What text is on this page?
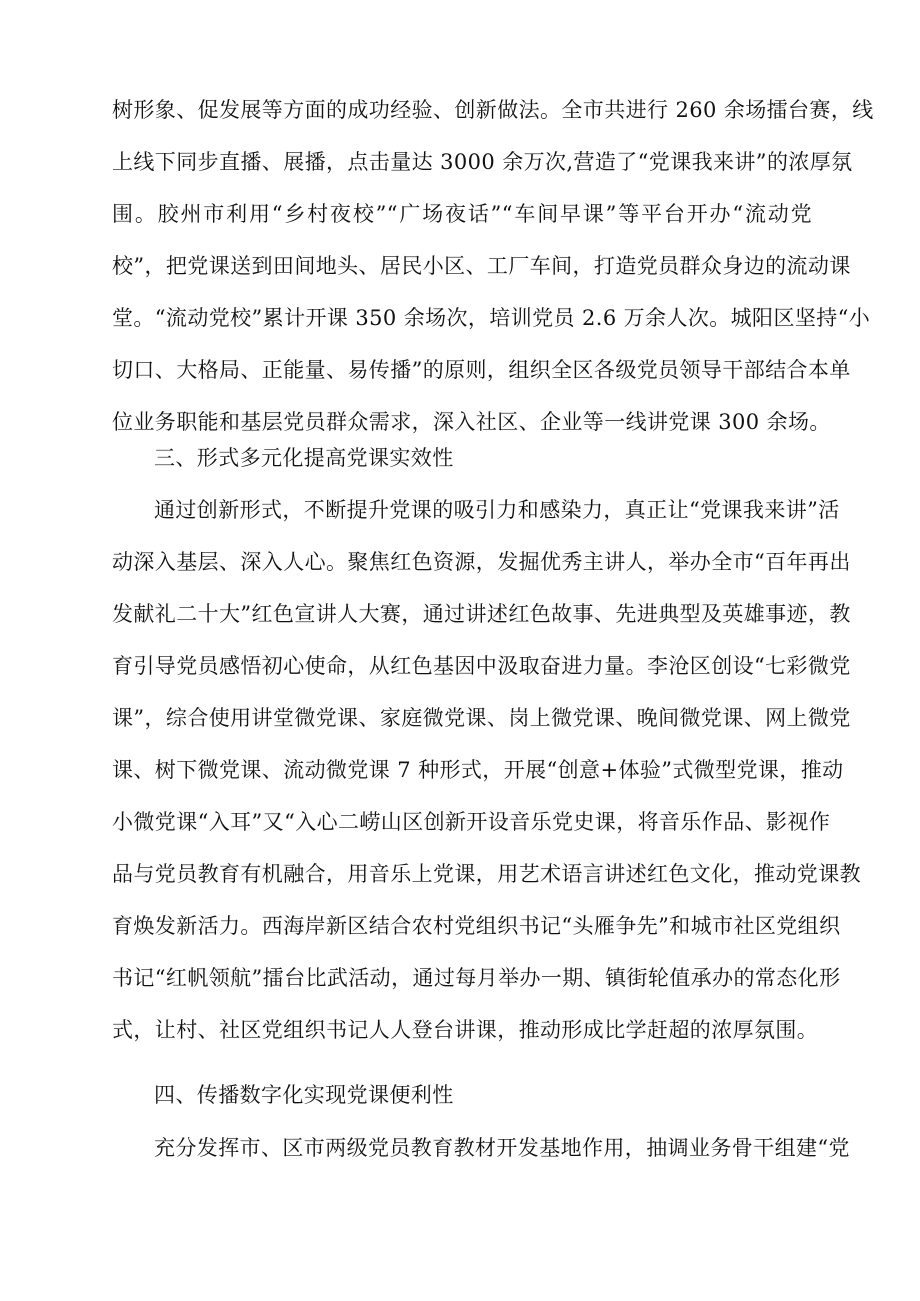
树形象、促发展等方面的成功经验、创新做法。全市共进行 260 余场擂台赛，线
上线下同步直播、展播，点击量达 3000 余万次,营造了“党课我来讲”的浓厚氛
围。胶州市利用“乡村夜校”“广场夜话”“车间早课”等平台开办“流动党
校”，把党课送到田间地头、居民小区、工厂车间，打造党员群众身边的流动课
堂。“流动党校”累计开课 350 余场次，培训党员 2.6 万余人次。城阳区坚持“小
切口、大格局、正能量、易传播”的原则，组织全区各级党员领导干部结合本单
位业务职能和基层党员群众需求，深入社区、企业等一线讲党课 300 余场。
三、形式多元化提高党课实效性
通过创新形式，不断提升党课的吸引力和感染力，真正让“党课我来讲”活
动深入基层、深入人心。聚焦红色资源，发掘优秀主讲人，举办全市“百年再出
发献礼二十大”红色宣讲人大赛，通过讲述红色故事、先进典型及英雄事迹，教
育引导党员感悟初心使命，从红色基因中汲取奋进力量。李沧区创设“七彩微党
课”，综合使用讲堂微党课、家庭微党课、岗上微党课、晚间微党课、网上微党
课、树下微党课、流动微党课 7 种形式，开展“创意+体验”式微型党课，推动
小微党课“入耳”又“入心二崂山区创新开设音乐党史课，将音乐作品、影视作
品与党员教育有机融合，用音乐上党课，用艺术语言讲述红色文化，推动党课教
育焕发新活力。西海岸新区结合农村党组织书记“头雁争先”和城市社区党组织
书记“红帆领航”擂台比武活动，通过每月举办一期、镇街轮值承办的常态化形
式，让村、社区党组织书记人人登台讲课，推动形成比学赶超的浓厚氛围。
四、传播数字化实现党课便利性
充分发挥市、区市两级党员教育教材开发基地作用，抽调业务骨干组建“党
